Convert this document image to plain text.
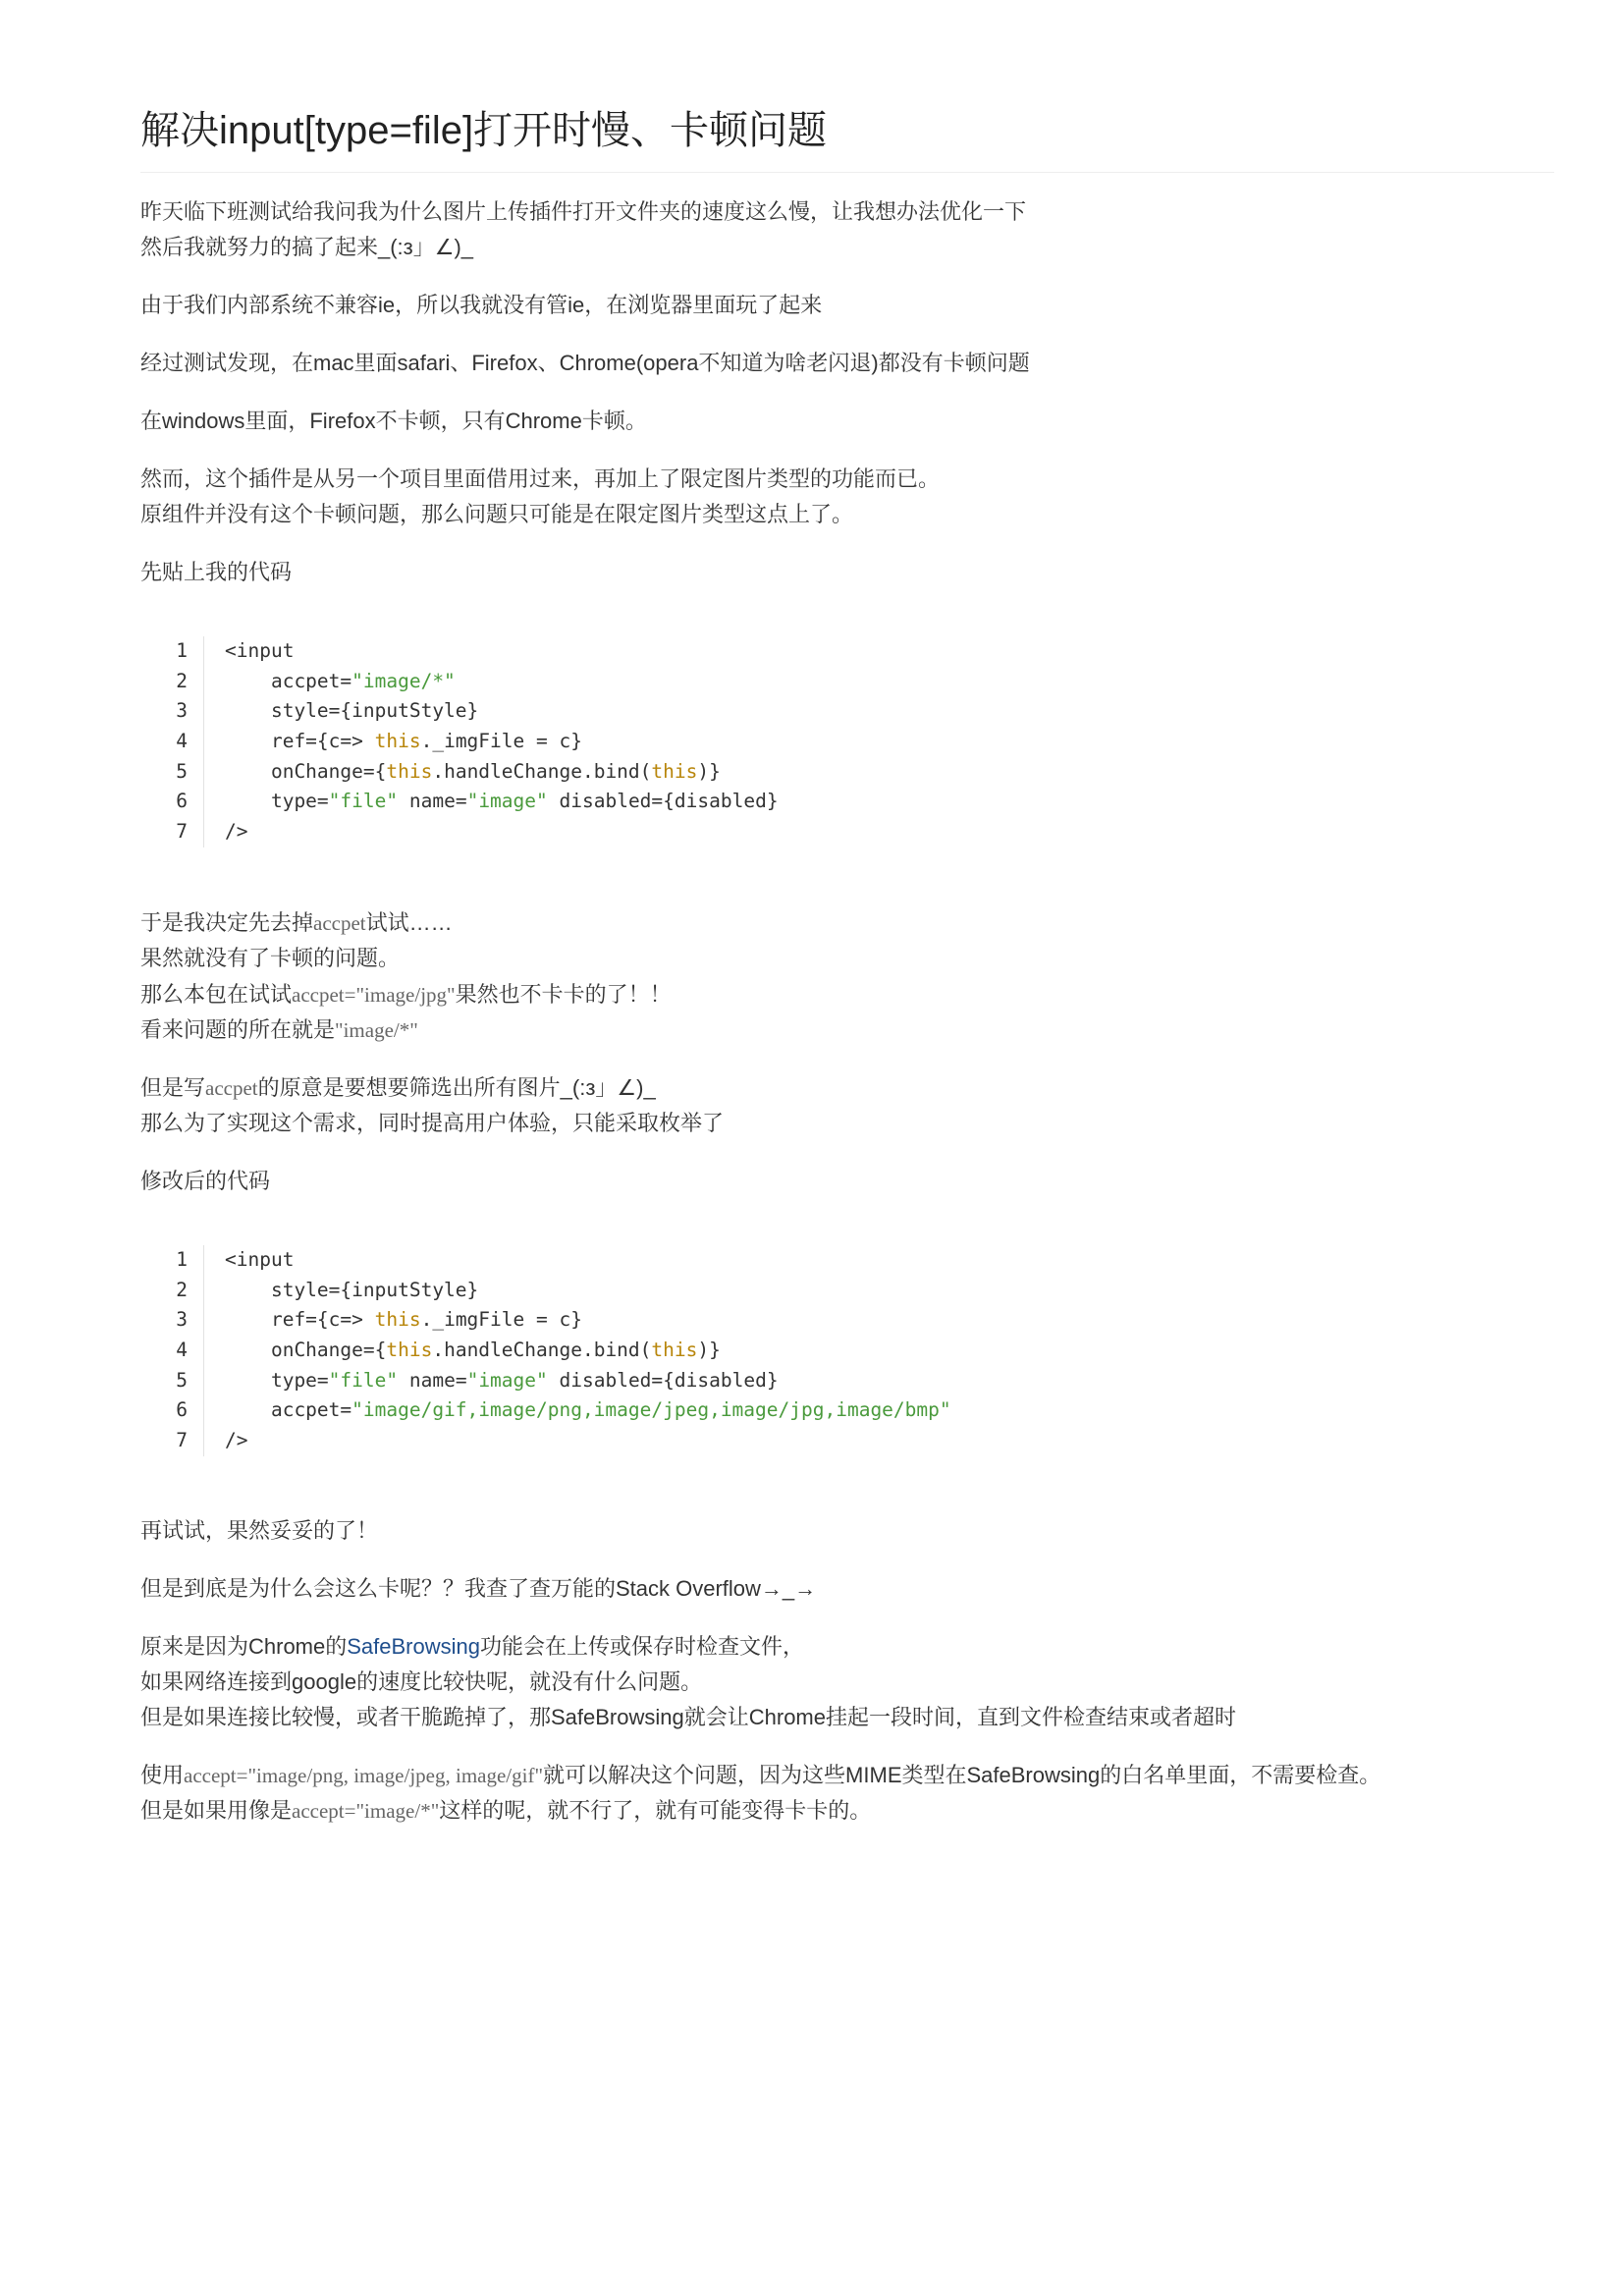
解决input[type=file]打开时慢、卡顿问题
昨天临下班测试给我问我为什么图片上传插件打开文件夹的速度这么慢，让我想办法优化一下
然后我就努力的搞了起来_(:з」∠)_
由于我们内部系统不兼容ie，所以我就没有管ie，在浏览器里面玩了起来
经过测试发现，在mac里面safari、Firefox、Chrome(opera不知道为啥老闪退)都没有卡顿问题
在windows里面，Firefox不卡顿，只有Chrome卡顿。
然而，这个插件是从另一个项目里面借用过来，再加上了限定图片类型的功能而已。
原组件并没有这个卡顿问题，那么问题只可能是在限定图片类型这点上了。
先贴上我的代码
1 <input
2 accpet="image/*"
3 style={inputStyle}
4 ref={c=> this._imgFile = c}
5 onChange={this.handleChange.bind(this)}
6 type="file" name="image" disabled={disabled}
7 />
于是我决定先去掉accpet试试……
果然就没有了卡顿的问题。
那么本包在试试accpet="image/jpg"果然也不卡卡的了！！
看来问题的所在就是"image/*"
但是写accpet的原意是要想要筛选出所有图片_(:з」∠)_
那么为了实现这个需求，同时提高用户体验，只能采取枚举了
修改后的代码
1 <input
2 style={inputStyle}
3 ref={c=> this._imgFile = c}
4 onChange={this.handleChange.bind(this)}
5 type="file" name="image" disabled={disabled}
6 accpet="image/gif,image/png,image/jpeg,image/jpg,image/bmp"
7 />
再试试，果然妥妥的了！
但是到底是为什么会这么卡呢？？我查了查万能的Stack Overflow→_→
原来是因为Chrome的SafeBrowsing功能会在上传或保存时检查文件，
如果网络连接到google的速度比较快呢，就没有什么问题。
但是如果连接比较慢，或者干脆跪掉了，那SafeBrowsing就会让Chrome挂起一段时间，直到文件检查结束或者超时
使用accept="image/png, image/jpeg, image/gif"就可以解决这个问题，因为这些MIME类型在SafeBrowsing的白名单里面，不需要检查。
但是如果用像是accept="image/*"这样的呢，就不行了，就有可能变得卡卡的。
